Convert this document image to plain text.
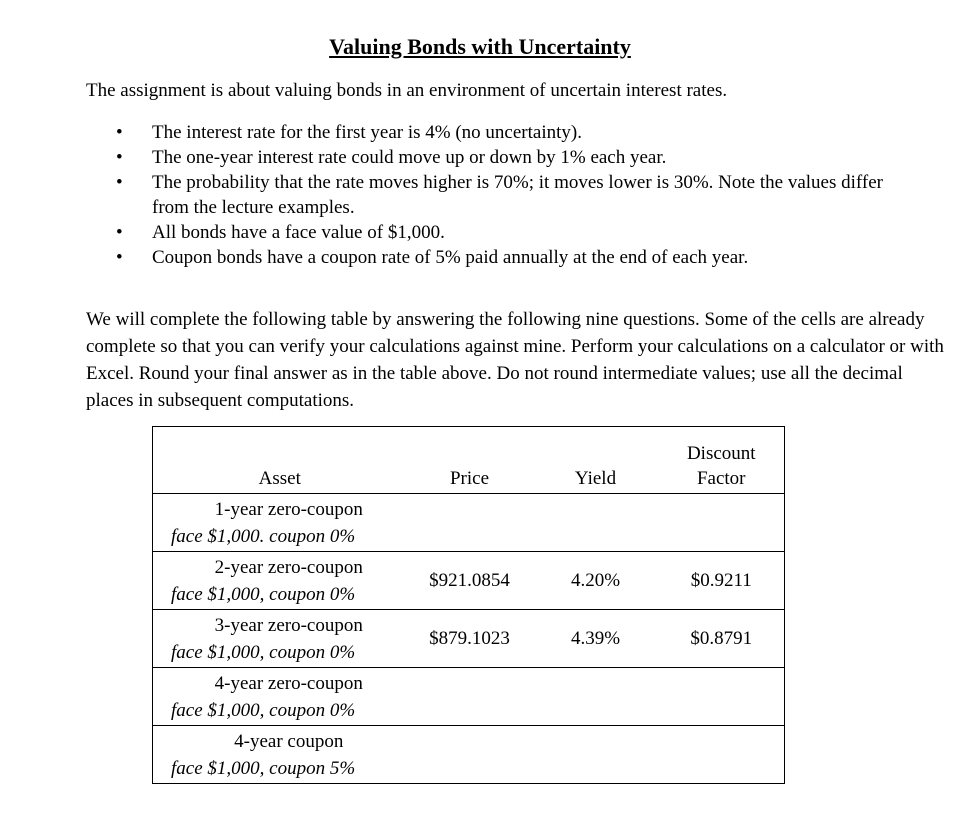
Valuing Bonds with Uncertainty

The assignment is about valuing bonds in an environment of uncertain interest rates.

• The interest rate for the first year is 4% (no uncertainty).
• The one-year interest rate could move up or down by 1% each year.
• The probability that the rate moves higher is 70%; it moves lower is 30%. Note the values differ from the lecture examples.
• All bonds have a face value of $1,000.
• Coupon bonds have a coupon rate of 5% paid annually at the end of each year.

We will complete the following table by answering the following nine questions. Some of the cells are already complete so that you can verify your calculations against mine. Perform your calculations on a calculator or with Excel. Round your final answer as in the table above. Do not round intermediate values; use all the decimal places in subsequent computations.

Asset	Price	Yield	Discount
Factor

1-year zero-coupon
face $1,000. coupon 0%			

2-year zero-coupon
face $1,000, coupon 0%	$921.0854	4.20%	$0.9211

3-year zero-coupon
face $1,000, coupon 0%	$879.1023	4.39%	$0.8791

4-year zero-coupon
face $1,000, coupon 0%			

4-year coupon
face $1,000, coupon 5%			
